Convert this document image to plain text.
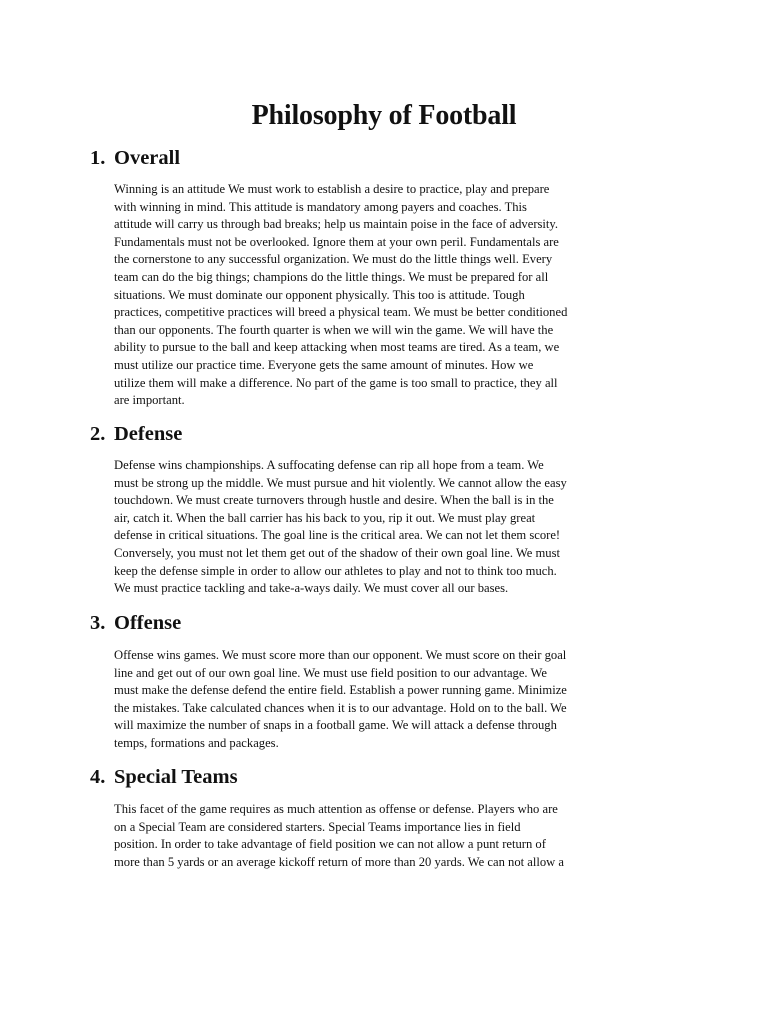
Philosophy of Football
1. Overall
Winning is an attitude We must work to establish a desire to practice, play and prepare
with winning in mind. This attitude is mandatory among payers and coaches. This
attitude will carry us through bad breaks; help us maintain poise in the face of adversity.
Fundamentals must not be overlooked. Ignore them at your own peril. Fundamentals are
the cornerstone to any successful organization. We must do the little things well. Every
team can do the big things; champions do the little things. We must be prepared for all
situations. We must dominate our opponent physically. This too is attitude. Tough
practices, competitive practices will breed a physical team. We must be better conditioned
than our opponents. The fourth quarter is when we will win the game. We will have the
ability to pursue to the ball and keep attacking when most teams are tired. As a team, we
must utilize our practice time. Everyone gets the same amount of minutes. How we
utilize them will make a difference. No part of the game is too small to practice, they all
are important.
2. Defense
Defense wins championships. A suffocating defense can rip all hope from a team. We
must be strong up the middle. We must pursue and hit violently. We cannot allow the easy
touchdown. We must create turnovers through hustle and desire. When the ball is in the
air, catch it. When the ball carrier has his back to you, rip it out. We must play great
defense in critical situations. The goal line is the critical area. We can not let them score!
Conversely, you must not let them get out of the shadow of their own goal line. We must
keep the defense simple in order to allow our athletes to play and not to think too much.
We must practice tackling and take-a-ways daily. We must cover all our bases.
3. Offense
Offense wins games. We must score more than our opponent. We must score on their goal
line and get out of our own goal line. We must use field position to our advantage. We
must make the defense defend the entire field. Establish a power running game. Minimize
the mistakes. Take calculated chances when it is to our advantage. Hold on to the ball. We
will maximize the number of snaps in a football game. We will attack a defense through
temps, formations and packages.
4. Special Teams
This facet of the game requires as much attention as offense or defense. Players who are
on a Special Team are considered starters. Special Teams importance lies in field
position. In order to take advantage of field position we can not allow a punt return of
more than 5 yards or an average kickoff return of more than 20 yards. We can not allow a
